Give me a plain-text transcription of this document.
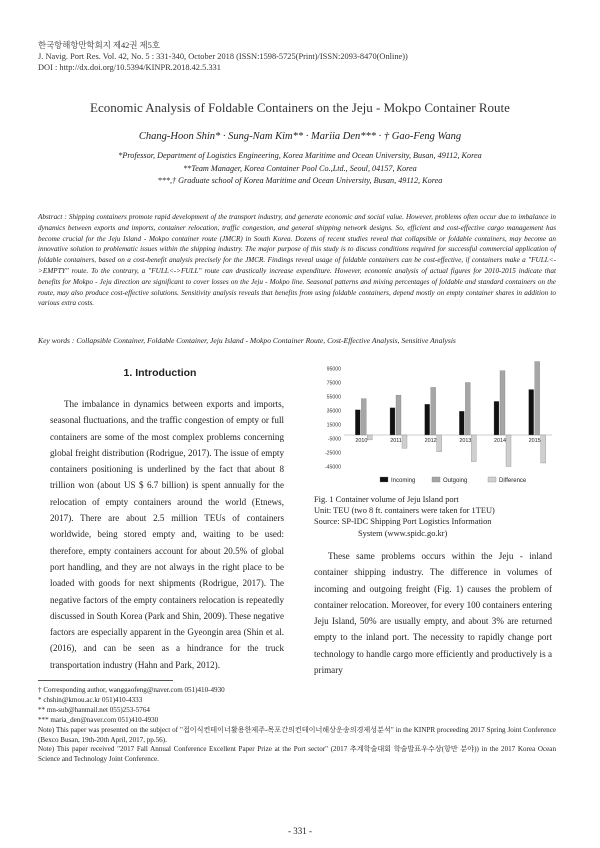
한국항해항만학회지 제42권 제5호
J. Navig. Port Res. Vol. 42, No. 5 : 331-340, October 2018 (ISSN:1598-5725(Print)/ISSN:2093-8470(Online))
DOI : http://dx.doi.org/10.5394/KINPR.2018.42.5.331
Economic Analysis of Foldable Containers on the Jeju - Mokpo Container Route
Chang-Hoon Shin* · Sung-Nam Kim** · Mariia Den*** · † Gao-Feng Wang
*Professor, Department of Logistics Engineering, Korea Maritime and Ocean University, Busan, 49112, Korea
**Team Manager, Korea Container Pool Co.,Ltd., Seoul, 04157, Korea
***,† Graduate school of Korea Maritime and Ocean University, Busan, 49112, Korea
Abstract : Shipping containers promote rapid development of the transport industry, and generate economic and social value. However, problems often occur due to imbalance in dynamics between exports and imports, container relocation, traffic congestion, and general shipping network designs. So, efficient and cost-effective cargo management has become crucial for the Jeju Island - Mokpo container route (JMCR) in South Korea. Dozens of recent studies reveal that collapsible or foldable containers, may become an innovative solution to problematic issues within the shipping industry. The major purpose of this study is to discuss conditions required for successful commercial application of foldable containers, based on a cost-benefit analysis precisely for the JMCR. Findings reveal usage of foldable containers can be cost-effective, if containers make a "FULL<->EMPTY" route. To the contrary, a "FULL<->FULL" route can drastically increase expenditure. However, economic analysis of actual figures for 2010-2015 indicate that benefits for Mokpo - Jeju direction are significant to cover losses on the Jeju - Mokpo line. Seasonal patterns and mixing percentages of foldable and standard containers on the route, may also produce cost-effective solutions. Sensitivity analysis reveals that benefits from using foldable containers, depend mostly on empty container shares in addition to various extra costs.
Key words : Collapsible Container, Foldable Container, Jeju Island - Mokpo Container Route, Cost-Effective Analysis, Sensitive Analysis
1. Introduction

The imbalance in dynamics between exports and imports, seasonal fluctuations, and the traffic congestion of empty or full containers are some of the most complex problems concerning global freight distribution (Rodrigue, 2017). The issue of empty containers positioning is underlined by the fact that about 8 trillion won (about US $ 6.7 billion) is spent annually for the relocation of empty containers around the world (Etnews, 2017). There are about 2.5 million TEUs of containers worldwide, being stored empty and, waiting to be used: therefore, empty containers account for about 20.5% of global port handling, and they are not always in the right place to be loaded with goods for next shipments (Rodrigue, 2017). The negative factors of the empty containers relocation is repeatedly discussed in South Korea (Park and Shin, 2009). These negative factors are especially apparent in the Gyeongin area (Shin et al.(2016), and can be seen as a hindrance for the truck transportation industry (Hahn and Park, 2012).

95000
75000
55000
35000
15000
-5000
-25000
-45000
2010	2011	2012	2013	2014	2015
Incoming	Outgoing	Difference
Fig. 1 Container volume of Jeju Island port
Unit: TEU (two 8 ft. containers were taken for 1TEU)
Source: SP-IDC Shipping Port Logistics Information
System (www.spidc.go.kr)

These same problems occurs within the Jeju - inland container shipping industry. The difference in volumes of incoming and outgoing freight (Fig. 1) causes the problem of container relocation. Moreover, for every 100 containers entering Jeju Island, 50% are usually empty, and about 3% are returned empty to the inland port. The necessity to rapidly change port technology to handle cargo more efficiently and productively is a primary

† Corresponding author, wanggaofeng@naver.com 051)410-4930
* chshin@kmou.ac.kr 051)410-4333
** mn-sub@hanmail.net 055)253-5764
*** maria_den@naver.com 051)410-4930
Note) This paper was presented on the subject of "접이식컨테이너활용한제주-목포간의컨테이너해상운송의경제성분석" in the KINPR proceeding 2017 Spring Joint Conference (Bexco Busan, 19th-20th April, 2017, pp.56).
Note) This paper received "2017 Fall Annual Conference Excellent Paper Prize at the Port sector" (2017 추계학술대회 학술발표우수상(항만 분야)) in the 2017 Korea Ocean Science and Technology Joint Conference.
- 331 -
